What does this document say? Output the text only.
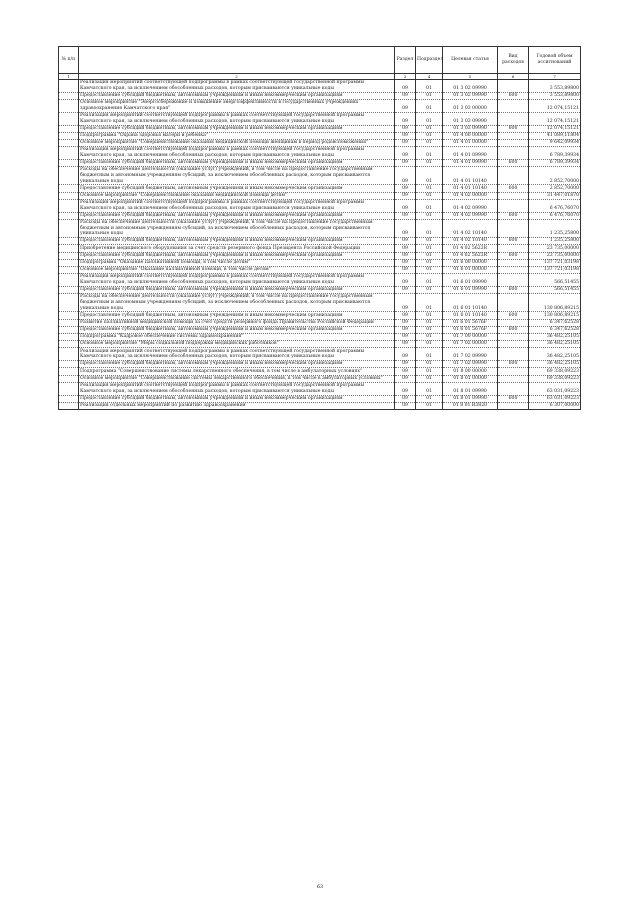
№ п/п		Раздел	Подраздел	Целевая статья	Вид расходов	Годовой объем ассигнований
1	2	3	4	5	6	7
	Реализация мероприятий соответствующей подпрограммы в рамках соответствующей государственной программы Камчатского края, за исключением обособленных расходов, которым присваиваются уникальные коды	09	01	01 3 02 09990		3 553,89800
	Предоставление субсидий бюджетным, автономным учреждениям и иным некоммерческим организациям	09	01	01 3 02 09990	600	3 553,89800
	Основное мероприятие "Энергосбережение и повышение энергоэффективности в государственных учреждениях здравоохранения Камчатского края"	09	01	01 3 03 00000		12 074,15121
	Реализация мероприятий соответствующей подпрограммы в рамках соответствующей государственной программы Камчатского края, за исключением обособленных расходов, которым присваиваются уникальные коды	09	01	01 3 03 09990		12 074,15121
	Предоставление субсидий бюджетным, автономным учреждениям и иным некоммерческим организациям	09	01	01 3 03 09990	600	12 074,15121
	Подпрограмма "Охрана здоровья матери и ребенка"	09	01	01 4 00 00000		41 089,11804
	Основное мероприятие "Совершенствование оказания медицинской помощи женщинам в период родовспоможения"	09	01	01 4 01 00000		9 642,09934
	Реализация мероприятий соответствующей подпрограммы в рамках соответствующей государственной программы Камчатского края, за исключением обособленных расходов, которым присваиваются уникальные коды	09	01	01 4 01 09990		6 789,39934
	Предоставление субсидий бюджетным, автономным учреждениям и иным некоммерческим организациям	09	01	01 4 01 09990	600	6 789,39934
	Расходы на обеспечение деятельности (оказание услуг) учреждений, в том числе на предоставление государственным бюджетным и автономным учреждениям субсидий, за исключением обособленных расходов, которым присваиваются уникальные коды	09	01	01 4 01 10140		2 852,70000
	Предоставление субсидий бюджетным, автономным учреждениям и иным некоммерческим организациям	09	01	01 4 01 10140	600	2 852,70000
	Основное мероприятие "Совершенствование оказания медицинской помощи детям"	09	01	01 4 02 00000		31 447,01870
	Реализация мероприятий соответствующей подпрограммы в рамках соответствующей государственной программы Камчатского края, за исключением обособленных расходов, которым присваиваются уникальные коды	09	01	01 4 02 09990		6 476,76070
	Предоставление субсидий бюджетным, автономным учреждениям и иным некоммерческим организациям	09	01	01 4 02 09990	600	6 476,76070
	Расходы на обеспечение деятельности (оказание услуг) учреждений, в том числе на предоставление государственным бюджетным и автономным учреждениям субсидий, за исключением обособленных расходов, которым присваиваются уникальные коды	09	01	01 4 02 10140		1 235,25800
	Предоставление субсидий бюджетным, автономным учреждениям и иным некоммерческим организациям	09	01	01 4 02 10140	600	1 235,25800
	Приобретение медицинского оборудования за счет средств резервного фонда Президента Российской Федерации	09	01	01 4 02 5623R		23 735,00000
	Предоставление субсидий бюджетным, автономным учреждениям и иным некоммерческим организациям	09	01	01 4 02 5623R	600	23 735,00000
	Подпрограмма "Оказание паллиативной помощи, в том числе детям"	09	01	01 6 00 00000		137 721,03198
	Основное мероприятие "Оказание паллиативной помощи, в том числе детям"	09	01	01 6 01 00000		137 721,03198
	Реализация мероприятий соответствующей подпрограммы в рамках соответствующей государственной программы Камчатского края, за исключением обособленных расходов, которым присваиваются уникальные коды	09	01	01 6 01 09990		566,51455
	Предоставление субсидий бюджетным, автономным учреждениям и иным некоммерческим организациям	09	01	01 6 01 09990	600	566,51455
	Расходы на обеспечение деятельности (оказание услуг) учреждений, в том числе на предоставление государственным бюджетным и автономным учреждениям субсидий, за исключением обособленных расходов, которым присваиваются уникальные коды	09	01	01 6 01 10140		130 806,89215
	Предоставление субсидий бюджетным, автономным учреждениям и иным некоммерческим организациям	09	01	01 6 01 10140	600	130 806,89215
	Развитие паллиативной медицинской помощи за счет средств резервного фонда Правительства Российской Федерации	09	01	01 6 01 5676F		6 347,62528
	Предоставление субсидий бюджетным, автономным учреждениям и иным некоммерческим организациям	09	01	01 6 01 5676F	600	6 347,62528
	Подпрограмма "Кадровое обеспечение системы здравоохранения"	09	01	01 7 00 00000		36 482,25105
	Основное мероприятие "Меры социальной поддержки медицинских работников"	09	01	01 7 02 00000		36 482,25105
	Реализация мероприятий соответствующей подпрограммы в рамках соответствующей государственной программы Камчатского края, за исключением обособленных расходов, которым присваиваются уникальные коды	09	01	01 7 02 09990		36 482,25105
	Предоставление субсидий бюджетным, автономным учреждениям и иным некоммерческим организациям	09	01	01 7 02 09990	600	36 482,25105
	Подпрограмма "Совершенствование системы лекарственного обеспечения, в том числе в амбулаторных условиях"	09	01	01 8 00 00000		69 338,09223
	Основное мероприятие "Совершенствование системы лекарственного обеспечения, в том числе в амбулаторных условиях"	09	01	01 8 01 00000		69 338,09223
	Реализация мероприятий соответствующей подпрограммы в рамках соответствующей государственной программы Камчатского края, за исключением обособленных расходов, которым присваиваются уникальные коды	09	01	01 8 01 09990		63 031,09223
	Предоставление субсидий бюджетным, автономным учреждениям и иным некоммерческим организациям	09	01	01 8 01 09990	600	63 031,09223
	Реализация отдельных мероприятий по развитию здравоохранения	09	01	01 8 01 R3820		6 307,00000
63
